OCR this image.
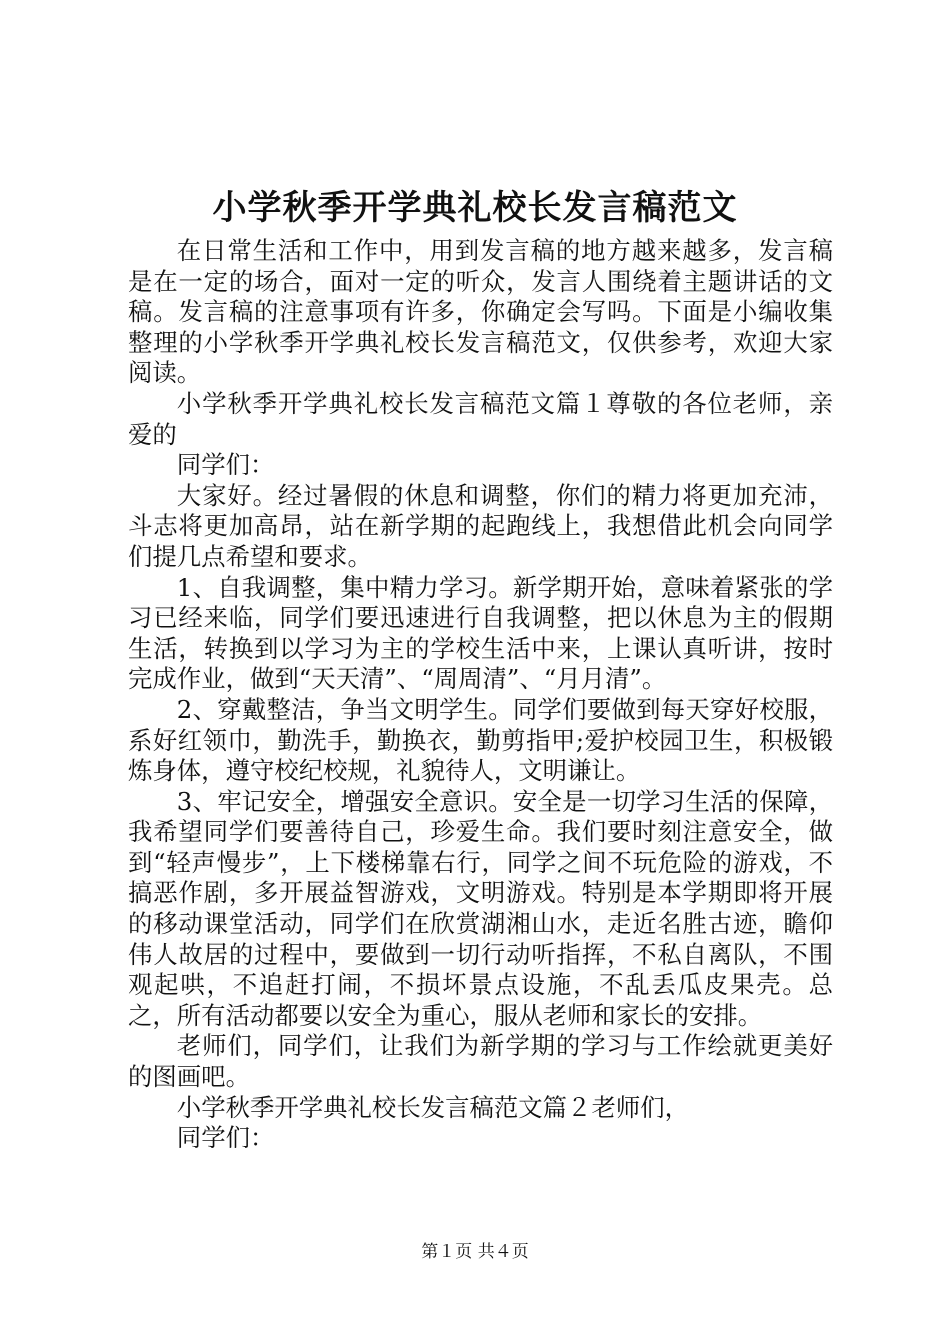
小学秋季开学典礼校长发言稿范文

在日常生活和工作中，用到发言稿的地方越来越多，发言稿是在一定的场合，面对一定的听众，发言人围绕着主题讲话的文稿。发言稿的注意事项有许多，你确定会写吗。下面是小编收集整理的小学秋季开学典礼校长发言稿范文，仅供参考，欢迎大家阅读。

小学秋季开学典礼校长发言稿范文篇１尊敬的各位老师，亲爱的

同学们：

大家好。经过暑假的休息和调整，你们的精力将更加充沛，斗志将更加高昂，站在新学期的起跑线上，我想借此机会向同学们提几点希望和要求。

1、自我调整，集中精力学习。新学期开始，意味着紧张的学习已经来临，同学们要迅速进行自我调整，把以休息为主的假期生活，转换到以学习为主的学校生活中来，上课认真听讲，按时完成作业，做到“天天清”、“周周清”、“月月清”。

2、穿戴整洁，争当文明学生。同学们要做到每天穿好校服，系好红领巾，勤洗手，勤换衣，勤剪指甲;爱护校园卫生，积极锻炼身体，遵守校纪校规，礼貌待人，文明谦让。

3、牢记安全，增强安全意识。安全是一切学习生活的保障，我希望同学们要善待自己，珍爱生命。我们要时刻注意安全，做到“轻声慢步”，上下楼梯靠右行，同学之间不玩危险的游戏，不搞恶作剧，多开展益智游戏，文明游戏。特别是本学期即将开展的移动课堂活动，同学们在欣赏湖湘山水，走近名胜古迹，瞻仰伟人故居的过程中，要做到一切行动听指挥，不私自离队，不围观起哄，不追赶打闹，不损坏景点设施，不乱丢瓜皮果壳。总之，所有活动都要以安全为重心，服从老师和家长的安排。

老师们，同学们，让我们为新学期的学习与工作绘就更美好的图画吧。

小学秋季开学典礼校长发言稿范文篇２老师们，

同学们：

第１页 共４页
